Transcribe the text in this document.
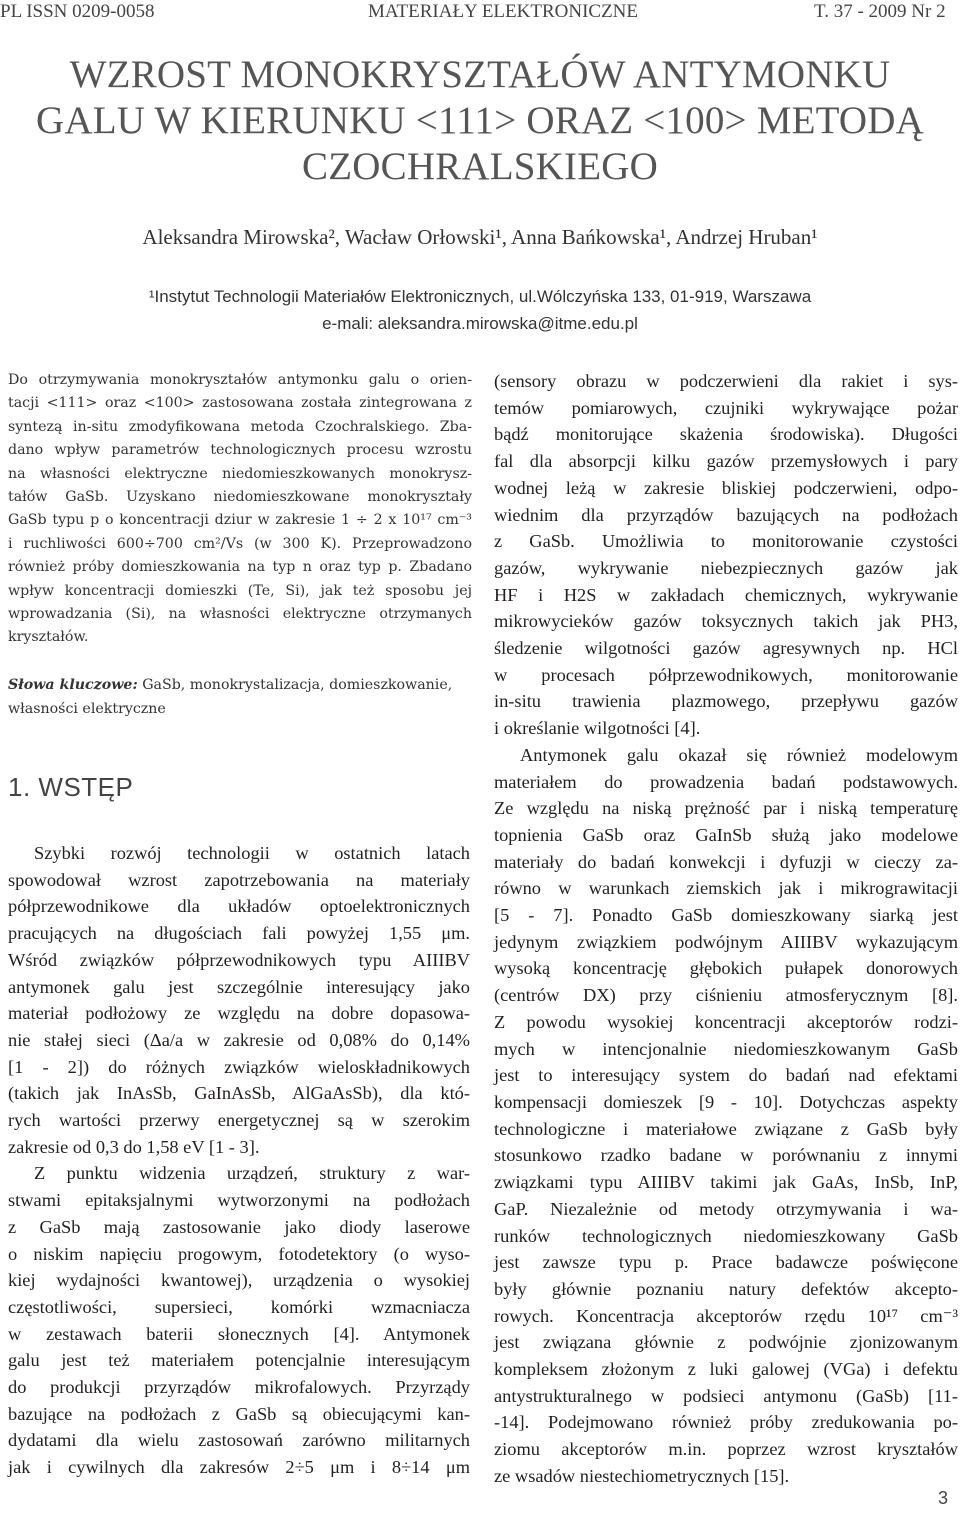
PL ISSN 0209-0058	MATERIAŁY ELEKTRONICZNE	T. 37 - 2009 Nr 2
WZROST MONOKRYSZTAŁÓW ANTYMONKU
GALU W KIERUNKU <111> ORAZ <100> METODĄ
CZOCHRALSKIEGO
Aleksandra Mirowska², Wacław Orłowski¹, Anna Bańkowska¹, Andrzej Hruban¹
¹Instytut Technologii Materiałów Elektronicznych, ul.Wólczyńska 133, 01-919, Warszawa
e-mali: aleksandra.mirowska@itme.edu.pl
Do otrzymywania monokryształów antymonku galu o orien-
tacji <111> oraz <100> zastosowana została zintegrowana z
syntezą in-situ zmodyfikowana metoda Czochralskiego. Zba-
dano wpływ parametrów technologicznych procesu wzrostu
na własności elektryczne niedomieszkowanych monokrysz-
tałów GaSb. Uzyskano niedomieszkowane monokryształy
GaSb typu p o koncentracji dziur w zakresie 1 ÷ 2 x 10¹⁷ cm⁻³
i ruchliwości 600÷700 cm²/Vs (w 300 K). Przeprowadzono
również próby domieszkowania na typ n oraz typ p. Zbadano
wpływ koncentracji domieszki (Te, Si), jak też sposobu jej
wprowadzania (Si), na własności elektryczne otrzymanych
kryształów.
Słowa kluczowe: GaSb, monokrystalizacja, domieszkowanie,
własności elektryczne
1. WSTĘP
Szybki rozwój technologii w ostatnich latach
spowodował wzrost zapotrzebowania na materiały
półprzewodnikowe dla układów optoelektronicznych
pracujących na długościach fali powyżej 1,55 μm.
Wśród związków półprzewodnikowych typu AIIIBV
antymonek galu jest szczególnie interesujący jako
materiał podłożowy ze względu na dobre dopasowa-
nie stałej sieci (Δa/a w zakresie od 0,08% do 0,14%
[1 - 2]) do różnych związków wieloskładnikowych
(takich jak InAsSb, GaInAsSb, AlGaAsSb), dla któ-
rych wartości przerwy energetycznej są w szerokim
zakresie od 0,3 do 1,58 eV [1 - 3].
Z punktu widzenia urządzeń, struktury z war-
stwami epitaksjalnymi wytworzonymi na podłożach
z GaSb mają zastosowanie jako diody laserowe
o niskim napięciu progowym, fotodetektory (o wyso-
kiej wydajności kwantowej), urządzenia o wysokiej
częstotliwości, supersieci, komórki wzmacniacza
w zestawach baterii słonecznych [4]. Antymonek
galu jest też materiałem potencjalnie interesującym
do produkcji przyrządów mikrofalowych. Przyrządy
bazujące na podłożach z GaSb są obiecującymi kan-
dydatami dla wielu zastosowań zarówno militarnych
jak i cywilnych dla zakresów 2÷5 μm i 8÷14 μm
(sensory obrazu w podczerwieni dla rakiet i sys-
temów pomiarowych, czujniki wykrywające pożar
bądź monitorujące skażenia środowiska). Długości
fal dla absorpcji kilku gazów przemysłowych i pary
wodnej leżą w zakresie bliskiej podczerwieni, odpo-
wiednim dla przyrządów bazujących na podłożach
z GaSb. Umożliwia to monitorowanie czystości
gazów, wykrywanie niebezpiecznych gazów jak
HF i H2S w zakładach chemicznych, wykrywanie
mikrowycieków gazów toksycznych takich jak PH3,
śledzenie wilgotności gazów agresywnych np. HCl
w procesach półprzewodnikowych, monitorowanie
in-situ trawienia plazmowego, przepływu gazów
i określanie wilgotności [4].
Antymonek galu okazał się również modelowym
materiałem do prowadzenia badań podstawowych.
Ze względu na niską prężność par i niską temperaturę
topnienia GaSb oraz GaInSb służą jako modelowe
materiały do badań konwekcji i dyfuzji w cieczy za-
równo w warunkach ziemskich jak i mikrograwitacji
[5 - 7]. Ponadto GaSb domieszkowany siarką jest
jedynym związkiem podwójnym AIIIBV wykazującym
wysoką koncentrację głębokich pułapek donorowych
(centrów DX) przy ciśnieniu atmosferycznym [8].
Z powodu wysokiej koncentracji akceptorów rodzi-
mych w intencjonalnie niedomieszkowanym GaSb
jest to interesujący system do badań nad efektami
kompensacji domieszek [9 - 10]. Dotychczas aspekty
technologiczne i materiałowe związane z GaSb były
stosunkowo rzadko badane w porównaniu z innymi
związkami typu AIIIBV takimi jak GaAs, InSb, InP,
GaP. Niezależnie od metody otrzymywania i wa-
runków technologicznych niedomieszkowany GaSb
jest zawsze typu p. Prace badawcze poświęcone
były głównie poznaniu natury defektów akcepto-
rowych. Koncentracja akceptorów rzędu 10¹⁷ cm⁻³
jest związana głównie z podwójnie zjonizowanym
kompleksem złożonym z luki galowej (VGa) i defektu
antystrukturalnego w podsieci antymonu (GaSb) [11-
-14]. Podejmowano również próby zredukowania po-
ziomu akceptorów m.in. poprzez wzrost kryształów
ze wsadów niestechiometrycznych [15].
3
